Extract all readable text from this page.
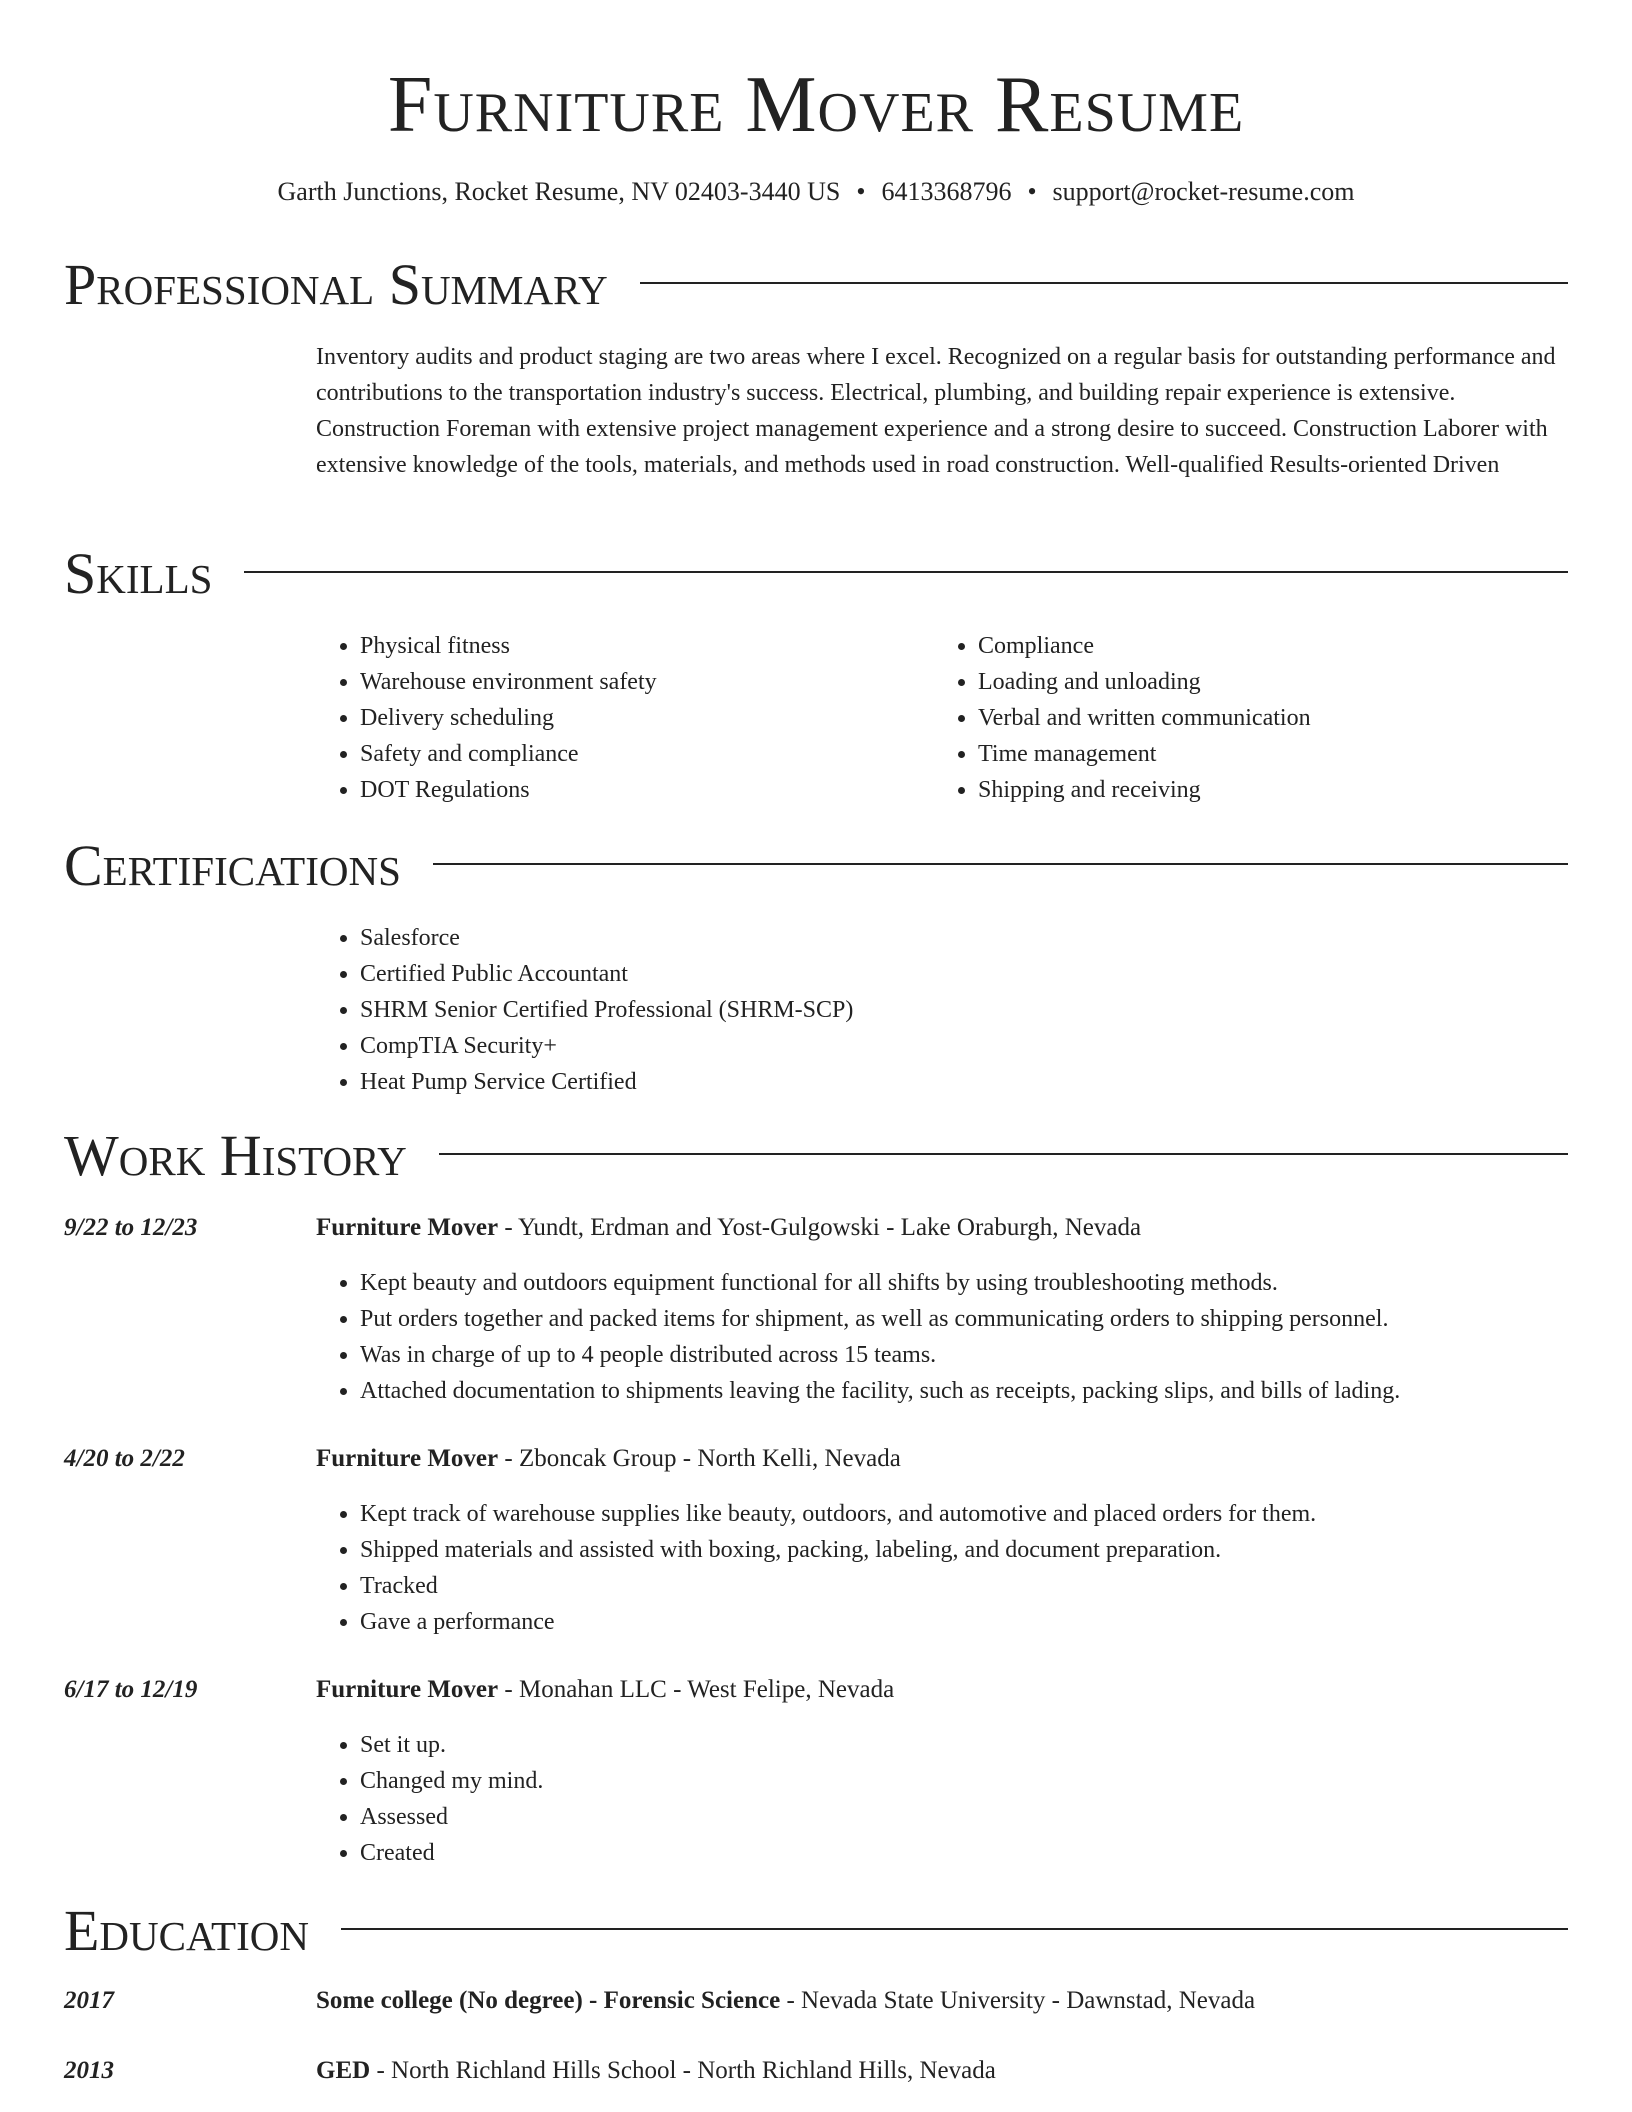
Furniture Mover Resume
Garth Junctions, Rocket Resume, NV 02403-3440 US • 6413368796 • support@rocket-resume.com
Professional Summary

Inventory audits and product staging are two areas where I excel. Recognized on a regular basis for outstanding performance and contributions to the transportation industry's success. Electrical, plumbing, and building repair experience is extensive. Construction Foreman with extensive project management experience and a strong desire to succeed. Construction Laborer with extensive knowledge of the tools, materials, and methods used in road construction. Well-qualified Results-oriented Driven

Skills
• Physical fitness
• Warehouse environment safety
• Delivery scheduling
• Safety and compliance
• DOT Regulations
• Compliance
• Loading and unloading
• Verbal and written communication
• Time management
• Shipping and receiving
Certifications
• Salesforce
• Certified Public Accountant
• SHRM Senior Certified Professional (SHRM-SCP)
• CompTIA Security+
• Heat Pump Service Certified
Work History
9/22 to 12/23	Furniture Mover - Yundt, Erdman and Yost-Gulgowski - Lake Oraburgh, Nevada
• Kept beauty and outdoors equipment functional for all shifts by using troubleshooting methods.
• Put orders together and packed items for shipment, as well as communicating orders to shipping personnel.
• Was in charge of up to 4 people distributed across 15 teams.
• Attached documentation to shipments leaving the facility, such as receipts, packing slips, and bills of lading.
4/20 to 2/22	Furniture Mover - Zboncak Group - North Kelli, Nevada
• Kept track of warehouse supplies like beauty, outdoors, and automotive and placed orders for them.
• Shipped materials and assisted with boxing, packing, labeling, and document preparation.
• Tracked
• Gave a performance
6/17 to 12/19	Furniture Mover - Monahan LLC - West Felipe, Nevada
• Set it up.
• Changed my mind.
• Assessed
• Created
Education
2017	Some college (No degree) - Forensic Science - Nevada State University - Dawnstad, Nevada
2013	GED - North Richland Hills School - North Richland Hills, Nevada
